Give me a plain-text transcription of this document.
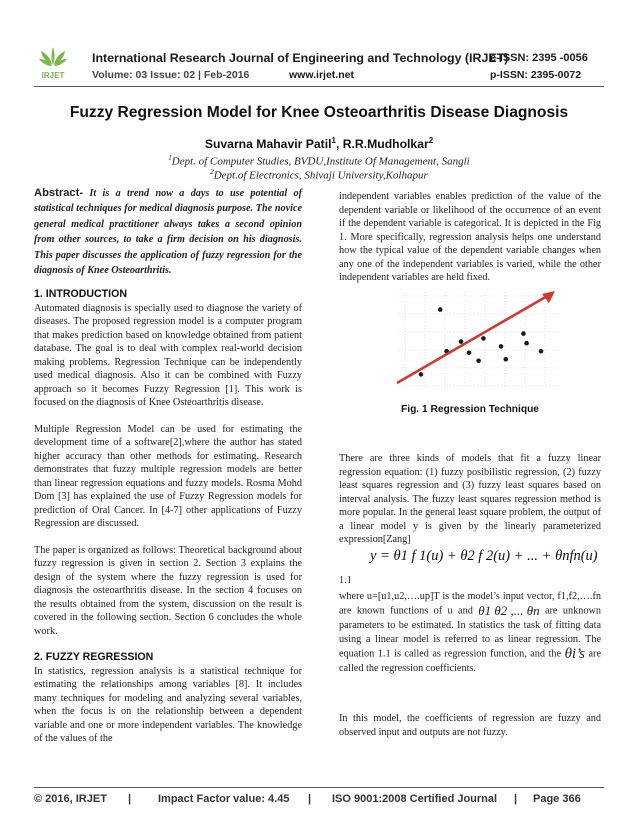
IRJET
International Research Journal of Engineering and Technology (IRJET)
e-ISSN: 2395 -0056
Volume: 03 Issue: 02 | Feb-2016	www.irjet.net	p-ISSN: 2395-0072
Fuzzy Regression Model for Knee Osteoarthritis Disease Diagnosis
Suvarna Mahavir Patil$^1$, R.R.Mudholkar$^2$
$^1$Dept. of Computer Studies, BVDU,Institute Of Management, Sangli
$^2$Dept.of Electronics, Shivaji University,Kolhapur

Abstract- It is a trend now a days to use potential of statistical techniques for medical diagnosis purpose. The novice general medical practitioner always takes a second opinion from other sources, to take a firm decision on his diagnosis. This paper discusses the application of fuzzy regression for the diagnosis of Knee Osteoarthritis.

1. INTRODUCTION

Automated diagnosis is specially used to diagnose the variety of diseases. The proposed regression model is a computer program that makes prediction based on knowledge obtained from patient database. The goal is to deal with complex real-world decision making problems. Regression Technique can be independently used medical diagnosis. Also it can be combined with Fuzzy approach so it becomes Fuzzy Regression [1]. This work is focused on the diagnosis of Knee Osteoarthritis disease.

Multiple Regression Model can be used for estimating the development time of a software[2],where the author has stated higher accuracy than other methods for estimating. Research demonstrates that fuzzy multiple regression models are better than linear regression equations and fuzzy models. Rosma Mohd Dom [3] has explained the use of Fuzzy Regression models for prediction of Oral Cancer. In [4-7] other applications of Fuzzy Regression are discussed.

The paper is organized as follows: Theoretical background about fuzzy regression is given in section 2. Section 3 explains the design of the system where the fuzzy regression is used for diagnosis the osteoarthritis disease. In the section 4 focuses on the results obtained from the system, discussion on the result is covered in the following section. Section 6 concludes the whole work.

2. FUZZY REGRESSION

In statistics, regression analysis is a statistical technique for estimating the relationships among variables [8]. It includes many techniques for modeling and analyzing several variables, when the focus is on the relationship between a dependent variable and one or more independent variables. The knowledge of the values of the

independent variables enables prediction of the value of the dependent variable or likelihood of the occurrence of an event if the dependent variable is categorical. It is depicted in the Fig 1. More specifically, regression analysis helps one understand how the typical value of the dependent variable changes when any one of the independent variables is varied, while the other independent variables are held fixed.

Fig. 1 Regression Technique

There are three kinds of models that fit a fuzzy linear regression equation: (1) fuzzy posibilistic regression, (2) fuzzy least squares regression and (3) fuzzy least squares based on interval analysis. The fuzzy least squares regression method is more popular. In the general least square problem, the output of a linear model y is given by the linearly parameterized expression[Zang]

y = θ1 f 1(u) + θ2 f 2(u) + ... + θnfn(u)
1.1

where u=[u1,u2,….up]T is the model’s input vector, f1,f2,….fn are known functions of u and θ1 θ2 ,... θn are unknown parameters to be estimated. In statistics the task of fitting data using a linear model is referred to as linear regression. The equation 1.1 is called as regression function, and the θi’s are called the regression coefficients.

In this model, the coefficients of regression are fuzzy and observed input and outputs are not fuzzy.

© 2016, IRJET | Impact Factor value: 4.45 | ISO 9001:2008 Certified Journal | Page 366
